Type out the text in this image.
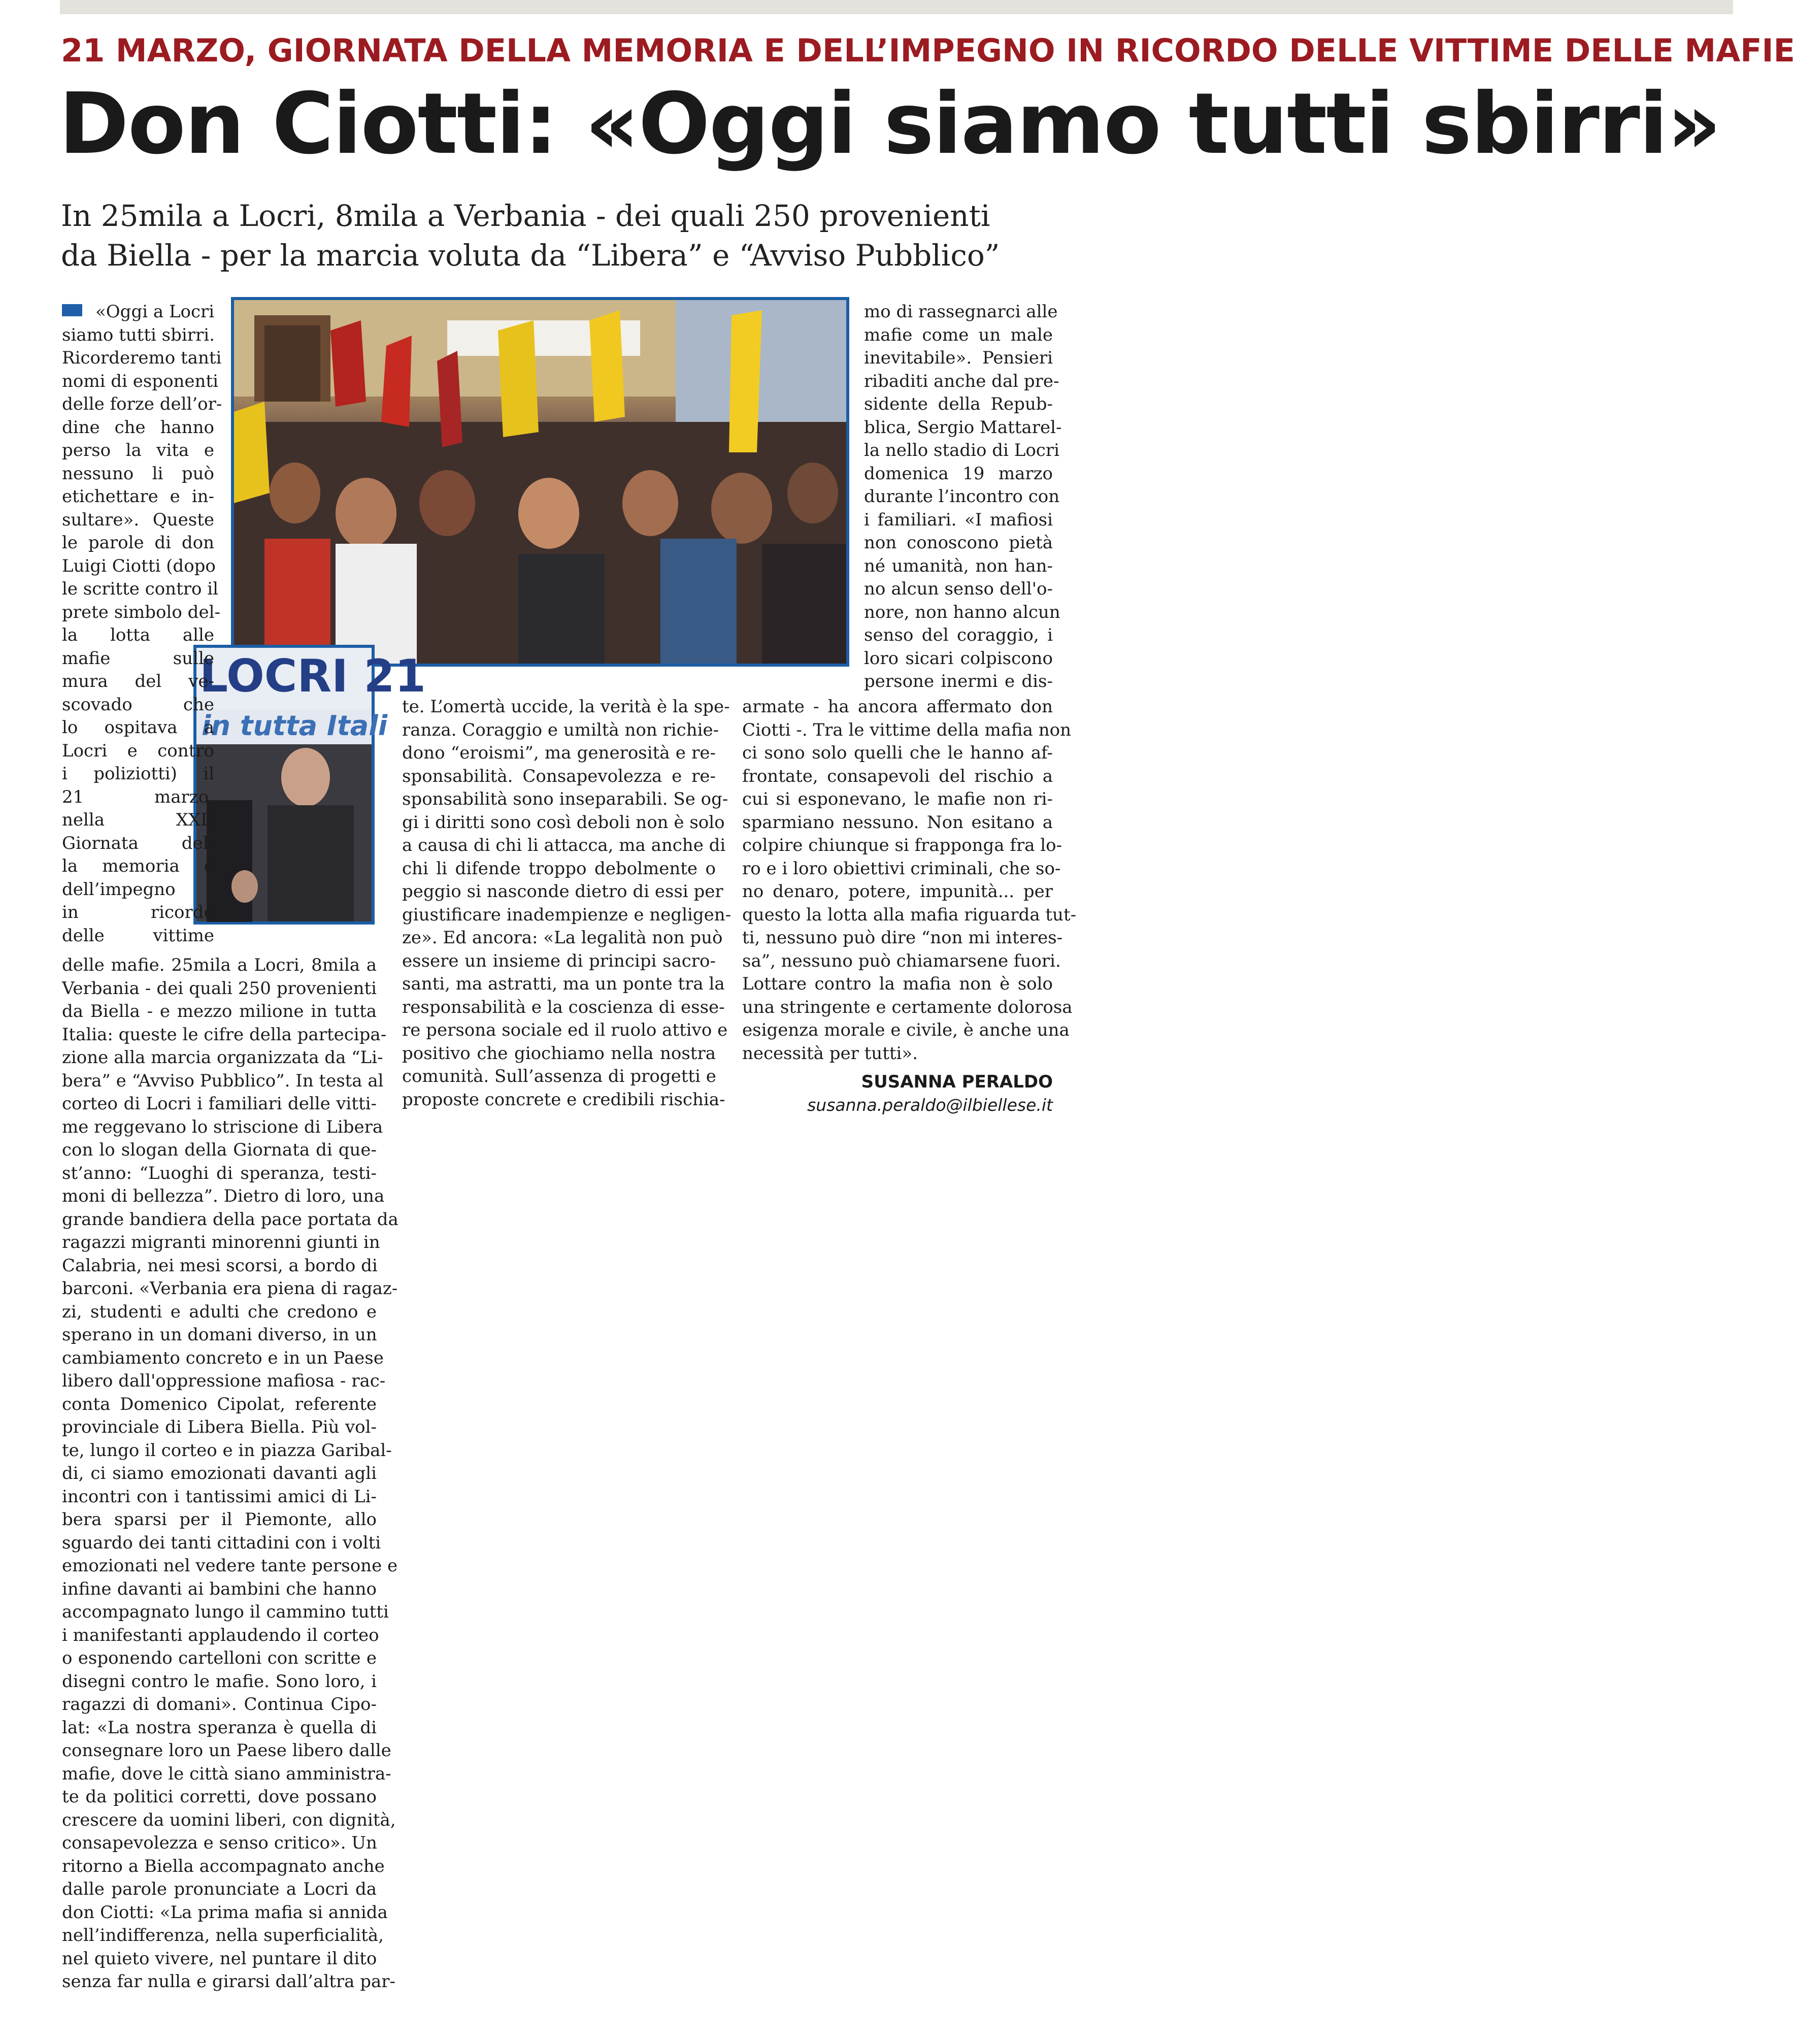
21 MARZO, GIORNATA DELLA MEMORIA E DELL’IMPEGNO IN RICORDO DELLE VITTIME DELLE MAFIE
Don Ciotti: «Oggi siamo tutti sbirri»
In 25mila a Locri, 8mila a Verbania - dei quali 250 provenienti
da Biella - per la marcia voluta da “Libera” e “Avviso Pubblico”
LOCRI 21
in tutta Itali
«Oggi a Locri
siamo tutti sbirri.
Ricorderemo tanti
nomi di esponenti
delle forze dell’or-
dine che hanno
perso la vita e
nessuno li può
etichettare e in-
sultare». Queste
le parole di don
Luigi Ciotti (dopo
le scritte contro il
prete simbolo del-
la lotta alle
mafie sulle
mura del ve-
scovado che
lo ospitava a
Locri e contro
i poliziotti) il
21 marzo,
nella XXII
Giornata del-
la memoria e
dell’impegno
in ricordo
delle vittime
delle mafie. 25mila a Locri, 8mila a
Verbania - dei quali 250 provenienti
da Biella - e mezzo milione in tutta
Italia: queste le cifre della partecipa-
zione alla marcia organizzata da “Li-
bera” e “Avviso Pubblico”. In testa al
corteo di Locri i familiari delle vitti-
me reggevano lo striscione di Libera
con lo slogan della Giornata di que-
st’anno: “Luoghi di speranza, testi-
moni di bellezza”. Dietro di loro, una
grande bandiera della pace portata da
ragazzi migranti minorenni giunti in
Calabria, nei mesi scorsi, a bordo di
barconi. «Verbania era piena di ragaz-
zi, studenti e adulti che credono e
sperano in un domani diverso, in un
cambiamento concreto e in un Paese
libero dall'oppressione mafiosa - rac-
conta Domenico Cipolat, referente
provinciale di Libera Biella. Più vol-
te, lungo il corteo e in piazza Garibal-
di, ci siamo emozionati davanti agli
incontri con i tantissimi amici di Li-
bera sparsi per il Piemonte, allo
sguardo dei tanti cittadini con i volti
emozionati nel vedere tante persone e
infine davanti ai bambini che hanno
accompagnato lungo il cammino tutti
i manifestanti applaudendo il corteo
o esponendo cartelloni con scritte e
disegni contro le mafie. Sono loro, i
ragazzi di domani». Continua Cipo-
lat: «La nostra speranza è quella di
consegnare loro un Paese libero dalle
mafie, dove le città siano amministra-
te da politici corretti, dove possano
crescere da uomini liberi, con dignità,
consapevolezza e senso critico». Un
ritorno a Biella accompagnato anche
dalle parole pronunciate a Locri da
don Ciotti: «La prima mafia si annida
nell’indifferenza, nella superficialità,
nel quieto vivere, nel puntare il dito
senza far nulla e girarsi dall’altra par-
te. L’omertà uccide, la verità è la spe-
ranza. Coraggio e umiltà non richie-
dono “eroismi”, ma generosità e re-
sponsabilità. Consapevolezza e re-
sponsabilità sono inseparabili. Se og-
gi i diritti sono così deboli non è solo
a causa di chi li attacca, ma anche di
chi li difende troppo debolmente o
peggio si nasconde dietro di essi per
giustificare inadempienze e negligen-
ze». Ed ancora: «La legalità non può
essere un insieme di principi sacro-
santi, ma astratti, ma un ponte tra la
responsabilità e la coscienza di esse-
re persona sociale ed il ruolo attivo e
positivo che giochiamo nella nostra
comunità. Sull’assenza di progetti e
proposte concrete e credibili rischia-
mo di rassegnarci alle
mafie come un male
inevitabile». Pensieri
ribaditi anche dal pre-
sidente della Repub-
blica, Sergio Mattarel-
la nello stadio di Locri
domenica 19 marzo
durante l’incontro con
i familiari. «I mafiosi
non conoscono pietà
né umanità, non han-
no alcun senso dell'o-
nore, non hanno alcun
senso del coraggio, i
loro sicari colpiscono
persone inermi e dis-
armate - ha ancora affermato don
Ciotti -. Tra le vittime della mafia non
ci sono solo quelli che le hanno af-
frontate, consapevoli del rischio a
cui si esponevano, le mafie non ri-
sparmiano nessuno. Non esitano a
colpire chiunque si frapponga fra lo-
ro e i loro obiettivi criminali, che so-
no denaro, potere, impunità... per
questo la lotta alla mafia riguarda tut-
ti, nessuno può dire “non mi interes-
sa”, nessuno può chiamarsene fuori.
Lottare contro la mafia non è solo
una stringente e certamente dolorosa
esigenza morale e civile, è anche una
necessità per tutti».
SUSANNA PERALDO
susanna.peraldo@ilbiellese.it
